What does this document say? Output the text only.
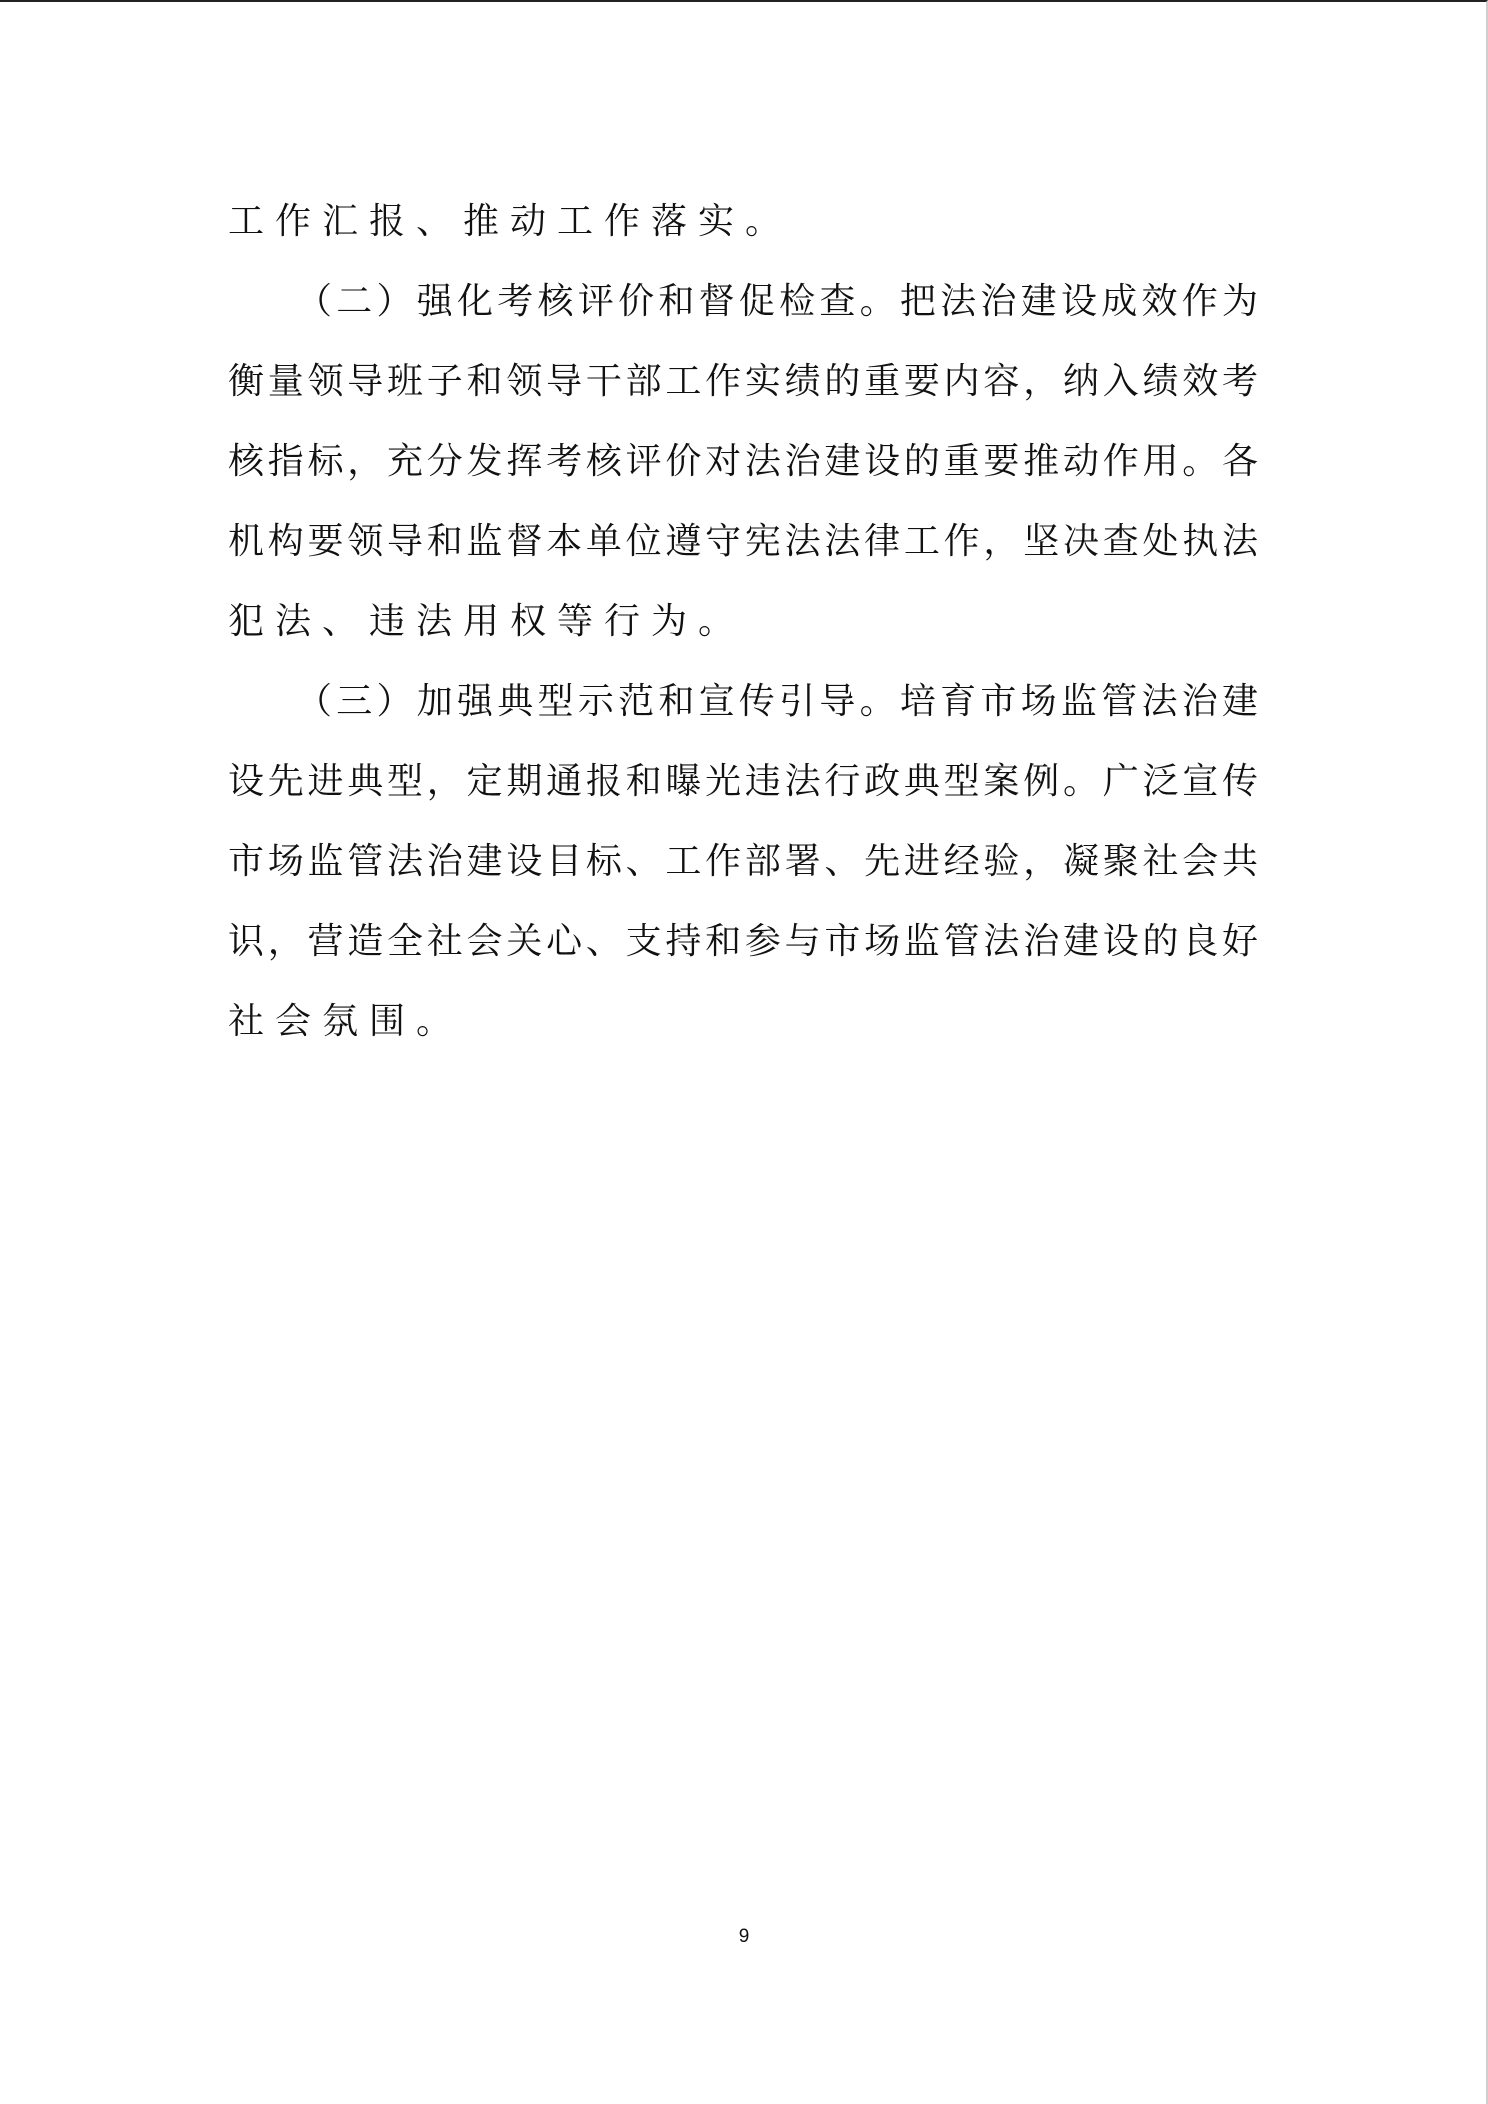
工作汇报、推动工作落实。
（二）强化考核评价和督促检查。把法治建设成效作为
衡量领导班子和领导干部工作实绩的重要内容，纳入绩效考
核指标，充分发挥考核评价对法治建设的重要推动作用。各
机构要领导和监督本单位遵守宪法法律工作，坚决查处执法
犯法、违法用权等行为。
（三）加强典型示范和宣传引导。培育市场监管法治建
设先进典型，定期通报和曝光违法行政典型案例。广泛宣传
市场监管法治建设目标、工作部署、先进经验，凝聚社会共
识，营造全社会关心、支持和参与市场监管法治建设的良好
社会氛围。
9
